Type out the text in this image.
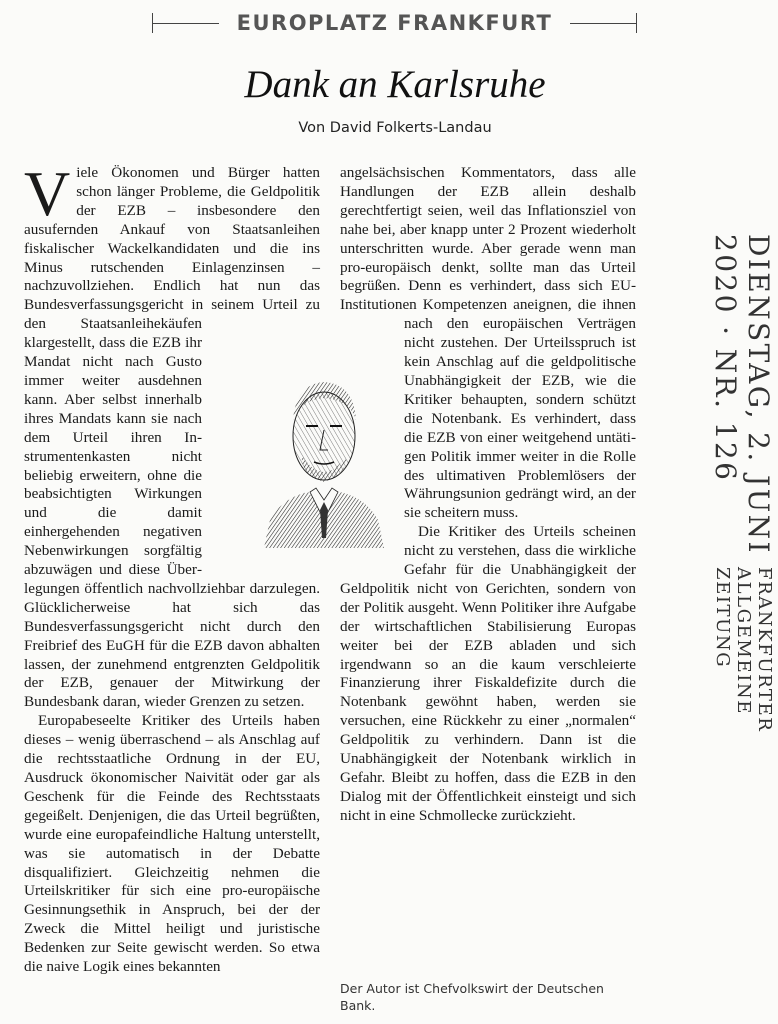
EUROPLATZ FRANKFURT
Dank an Karlsruhe
Von David Folkerts-Landau
V iele Ökonomen und Bürger hatten schon länger Probleme, die Geldpolitik der EZB – insbesondere den ausufernden Ankauf von Staatsanleihen fiskalischer Wackelkandidaten und die ins Minus rutschenden Einlagenzinsen – nachzuvollziehen. Endlich hat nun das Bundesverfassungsgericht in seinem Urteil zu den Staatsanleihekäufen klargestellt, dass die EZB ihr Mandat nicht nach Gusto immer weiter ausdehnen kann. Aber selbst innerhalb ihres Mandats kann sie nach dem Urteil ihren Instrumentenkasten nicht beliebig erweitern, ohne die beabsichtigten Wirkungen und die damit einhergehenden negativen Nebenwirkungen sorgfältig abzuwägen und diese Überlegungen öffentlich nachvollziehbar darzulegen. Glücklicherweise hat sich das Bundesverfassungsgericht nicht durch den Freibrief des EuGH für die EZB davon abhalten lassen, der zunehmend entgrenzten Geldpolitik der EZB, genauer der Mitwirkung der Bundesbank daran, wieder Grenzen zu setzen.

Europabeseelte Kritiker des Urteils haben dieses – wenig überraschend – als Anschlag auf die rechtsstaatliche Ordnung in der EU, Ausdruck ökonomischer Naivität oder gar als Geschenk für die Feinde des Rechtsstaats gegeißelt. Denjenigen, die das Urteil begrüßten, wurde eine europafeindliche Haltung unterstellt, was sie automatisch in der Debatte disqualifiziert. Gleichzeitig nehmen die Urteilskritiker für sich eine pro-europäische Gesinnungsethik in Anspruch, bei der der Zweck die Mittel heiligt und juristische Bedenken zur Seite gewischt werden. So etwa die naive Logik eines bekannten

angelsächsischen Kommentators, dass alle Handlungen der EZB allein deshalb gerechtfertigt seien, weil das Inflationsziel von nahe bei, aber knapp unter 2 Prozent wiederholt unterschritten wurde. Aber gerade wenn man pro-europäisch denkt, sollte man das Urteil begrüßen. Denn es verhindert, dass sich EU-Institutionen Kompetenzen aneignen, die ihnen nach den europäischen Verträgen nicht zustehen. Der Urteilsspruch ist kein Anschlag auf die geldpolitische Unabhängigkeit der EZB, wie die Kritiker behaupten, sondern schützt die Notenbank. Es verhindert, dass die EZB von einer weitgehend untätigen Politik immer weiter in die Rolle des ultimativen Problemlösers der Währungsunion gedrängt wird, an der sie scheitern muss.

Die Kritiker des Urteils scheinen nicht zu verstehen, dass die wirkliche Gefahr für die Unabhängigkeit der Geldpolitik nicht von Gerichten, sondern von der Politik ausgeht. Wenn Politiker ihre Aufgabe der wirtschaftlichen Stabilisierung Europas weiter bei der EZB abladen und sich irgendwann so an die kaum verschleierte Finanzierung ihrer Fiskaldefizite durch die Notenbank gewöhnt haben, werden sie versuchen, eine Rückkehr zu einer „normalen“ Geldpolitik zu verhindern. Dann ist die Unabhängigkeit der Notenbank wirklich in Gefahr. Bleibt zu hoffen, dass die EZB in den Dialog mit der Öffentlichkeit einsteigt und sich nicht in eine Schmollecke zurückzieht.

Der Autor ist Chefvolkswirt der Deutschen Bank.
FRANKFURTER ALLGEMEINE ZEITUNG
DIENSTAG, 2. JUNI 2020 · NR. 126
